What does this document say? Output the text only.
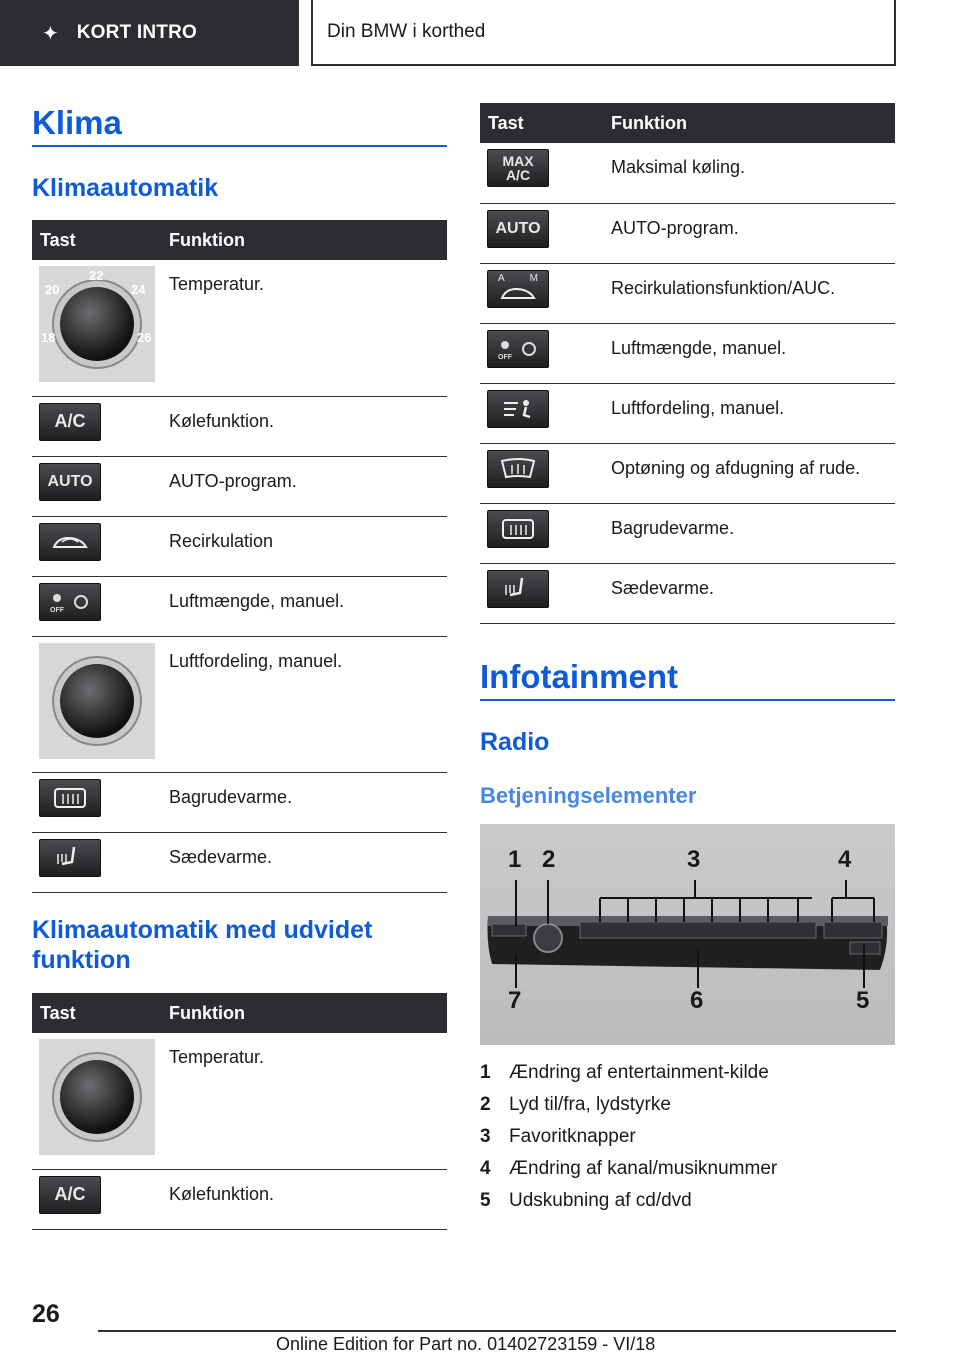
✦ KORT INTRO	Din BMW i korthed
Klima
Klimaautomatik
Tast	Funktion

22
20 24
18 26	Temperatur.

A/C	Kølefunktion.

AUTO	AUTO-program.

	Recirkulation

OFF	Luftmængde, manuel.

	Luftfordeling, manuel.

	Bagrudevarme.

	Sædevarme.
Klimaautomatik med udvidet funktion
Tast	Funktion

	Temperatur.

A/C	Kølefunktion.
Tast	Funktion

MAX
A/C	Maksimal køling.

AUTO	AUTO-program.

A M	Recirkulationsfunktion/AUC.

OFF	Luftmængde, manuel.

	Luftfordeling, manuel.

	Optøning og afdugning af rude.

	Bagrudevarme.

	Sædevarme.
Infotainment
Radio
Betjeningselementer
1 2	3	4
5
6
7
1 Ændring af entertainment-kilde
2 Lyd til/fra, lydstyrke
3 Favoritknapper
4 Ændring af kanal/musiknummer
5 Udskubning af cd/dvd
26
Online Edition for Part no. 01402723159 - VI/18
